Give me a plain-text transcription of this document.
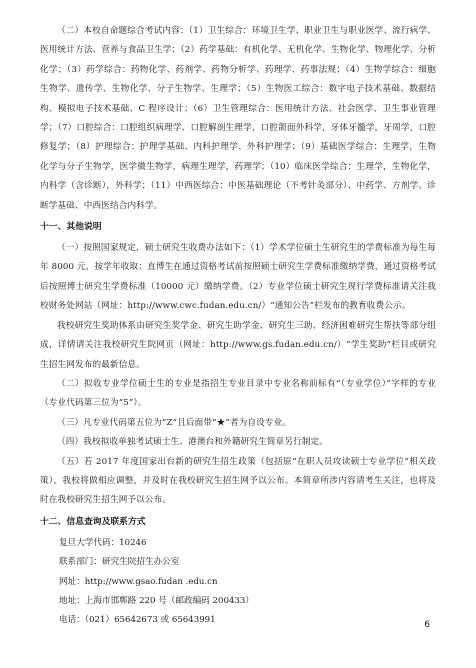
（二）本校自命题综合考试内容：（1）卫生综合：环境卫生学、职业卫生与职业医学、流行病学、医用统计方法、营养与食品卫生学；（2）药学基础：有机化学、无机化学、生物化学、物理化学、分析化学；（3）药学综合：药物化学、药剂学、药物分析学、药理学、药事法规；（4）生物学综合：细胞生物学、遗传学、生物化学、分子生物学、生理学；（5）生物医工综合：数字电子技术基础、数据结构、模拟电子技术基础、C 程序设计；（6）卫生管理综合：医用统计方法、社会医学、卫生事业管理学；（7）口腔综合：口腔组织病理学、口腔解剖生理学，口腔颌面外科学，牙体牙髓学，牙周学，口腔修复学；（8）护理综合：护理学基础、内科护理学、外科护理学；（9）基础医学综合：生理学，生物化学与分子生物学，医学微生物学，病理生理学，药理学；（10）临床医学综合：生理学，生物化学，内科学（含诊断），外科学；（11）中西医综合：中医基础理论（不考针灸部分）、中药学、方剂学、诊断学基础、中西医结合内科学。

十一、其他说明

（一）按照国家规定，硕士研究生收费办法如下：（1）学术学位硕士生研究生的学费标准为每生每年 8000 元，按学年收取；直博生在通过资格考试前按照硕士研究生学费标准缴纳学费，通过资格考试后按照博士研究生学费标准（10000 元）缴纳学费。（2）专业学位硕士研究生现行学费标准请关注我校财务处网站（网址：http://www.cwc.fudan.edu.cn/）“通知公告”栏发布的教育收费公示。

我校研究生奖助体系由研究生奖学金、研究生助学金、研究生三助、经济困难研究生帮扶等部分组成，详情请关注我校研究生院网页（网址：http://www.gs.fudan.edu.cn/）“学生奖助”栏目或研究生招生网发布的最新信息。

（二）拟收专业学位硕士生的专业是指招生专业目录中专业名称前标有“（专业学位）”字样的专业（专业代码第三位为“5”）。

（三）凡专业代码第五位为“Z”且后面带“★”者为自设专业。

（四）我校拟收单独考试硕士生、港澳台和外籍研究生简章另行制定。

（五）若 2017 年度国家出台新的研究生招生政策（包括原“在职人员攻读硕士专业学位”相关政策），我校将做相应调整，并及时在我校研究生招生网予以公布。本简章所涉内容请考生关注，也将及时在我校研究生招生网予以公布。

十二、信息查询及联系方式

复旦大学代码：10246

联系部门：研究生院招生办公室

网址：http://www.gsao.fudan .edu.cn

地址：上海市邯郸路 220 号（邮政编码 200433）

电话：（021）65642673 或 65643991	6
